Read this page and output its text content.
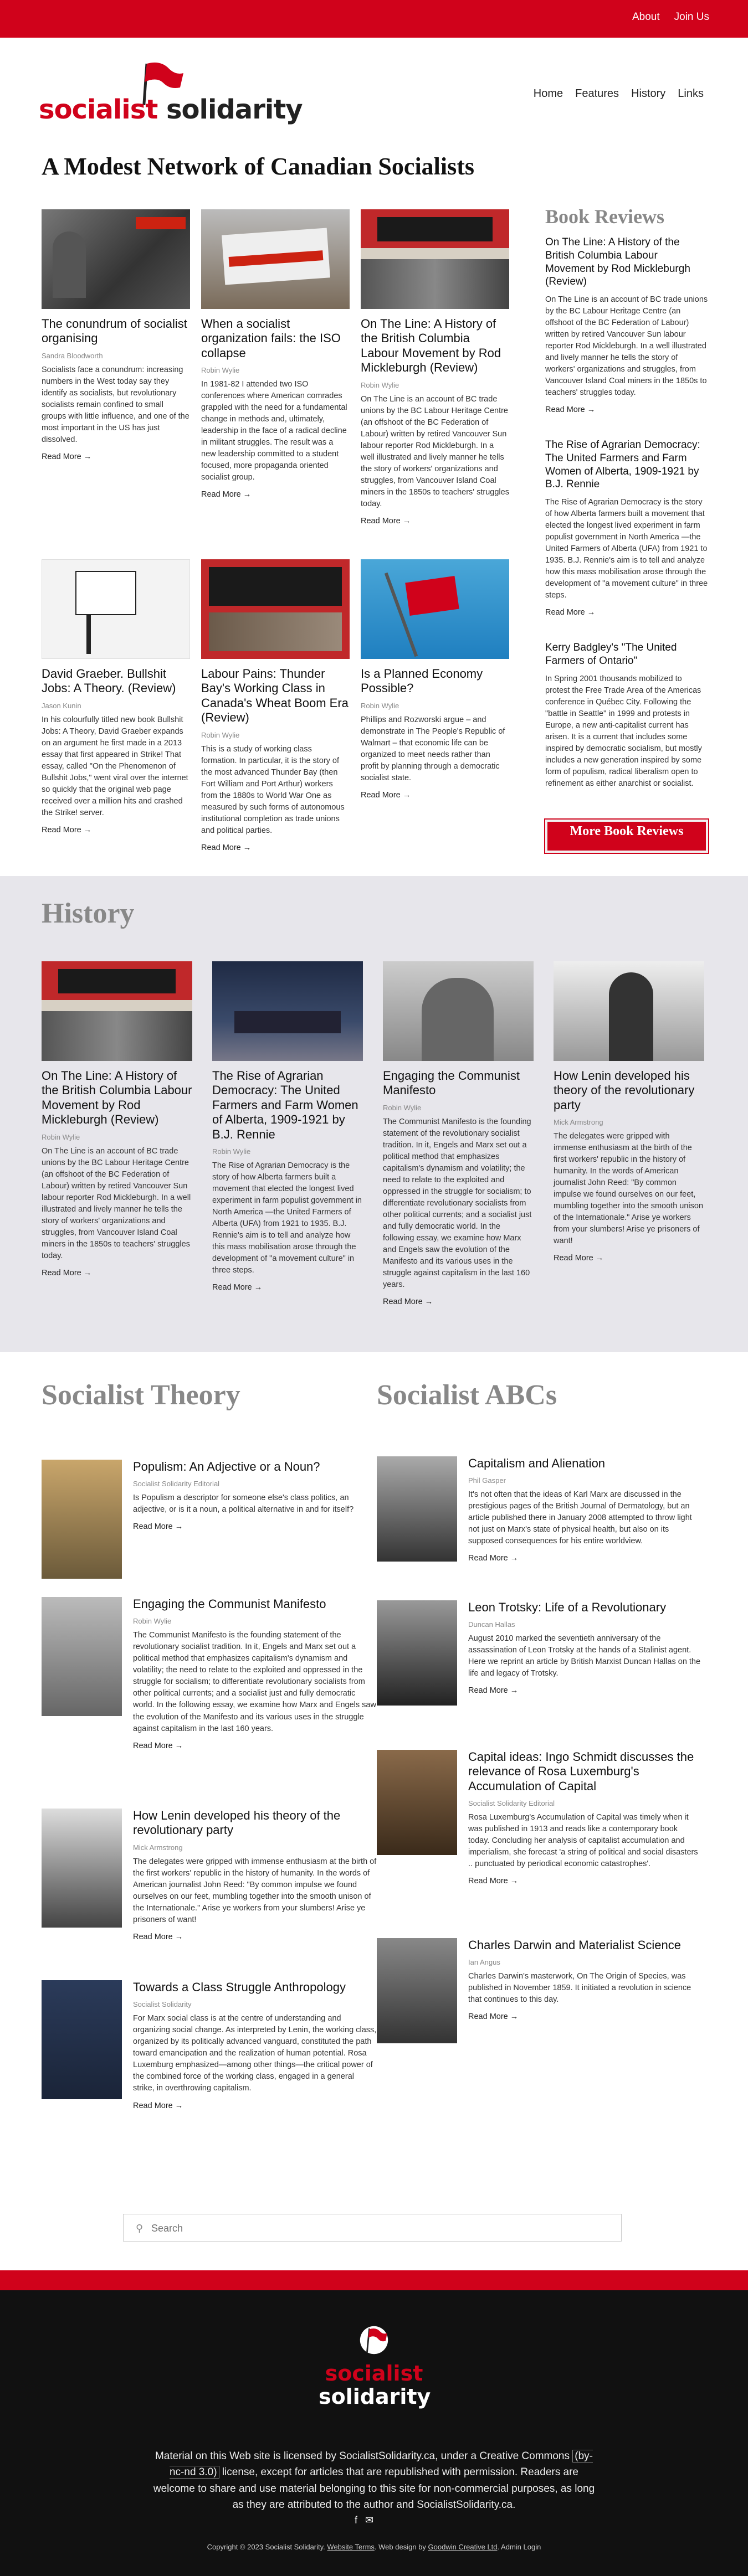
About Join Us
socialist solidarity
Home Features History Links
A Modest Network of Canadian Socialists
The conundrum of socialist organising
Sandra Bloodworth

Socialists face a conundrum: increasing numbers in the West today say they identify as socialists, but revolutionary socialists remain confined to small groups with little influence, and one of the most important in the US has just dissolved.

Read More →
When a socialist organization fails: the ISO collapse
Robin Wylie

In 1981-82 I attended two ISO conferences where American comrades grappled with the need for a fundamental change in methods and, ultimately, leadership in the face of a radical decline in militant struggles. The result was a new leadership committed to a student focused, more propaganda oriented socialist group.

Read More →
On The Line: A History of the British Columbia Labour Movement by Rod Mickleburgh (Review)
Robin Wylie

On The Line is an account of BC trade unions by the BC Labour Heritage Centre (an offshoot of the BC Federation of Labour) written by retired Vancouver Sun labour reporter Rod Mickleburgh. In a well illustrated and lively manner he tells the story of workers' organizations and struggles, from Vancouver Island Coal miners in the 1850s to teachers' struggles today.

Read More →
David Graeber. Bullshit Jobs: A Theory. (Review)
Jason Kunin

In his colourfully titled new book Bullshit Jobs: A Theory, David Graeber expands on an argument he first made in a 2013 essay that first appeared in Strike! That essay, called "On the Phenomenon of Bullshit Jobs," went viral over the internet so quickly that the original web page received over a million hits and crashed the Strike! server.

Read More →
Labour Pains: Thunder Bay's Working Class in Canada's Wheat Boom Era (Review)
Robin Wylie

This is a study of working class formation. In particular, it is the story of the most advanced Thunder Bay (then Fort William and Port Arthur) workers from the 1880s to World War One as measured by such forms of autonomous institutional completion as trade unions and political parties.

Read More →
Is a Planned Economy Possible?
Robin Wylie

Phillips and Rozworski argue – and demonstrate in The People's Republic of Walmart – that economic life can be organized to meet needs rather than profit by planning through a democratic socialist state.

Read More →
Book Reviews
On The Line: A History of the British Columbia Labour Movement by Rod Mickleburgh (Review)

On The Line is an account of BC trade unions by the BC Labour Heritage Centre (an offshoot of the BC Federation of Labour) written by retired Vancouver Sun labour reporter Rod Mickleburgh. In a well illustrated and lively manner he tells the story of workers' organizations and struggles, from Vancouver Island Coal miners in the 1850s to teachers' struggles today.

Read More →
The Rise of Agrarian Democracy: The United Farmers and Farm Women of Alberta, 1909-1921 by B.J. Rennie

The Rise of Agrarian Democracy is the story of how Alberta farmers built a movement that elected the longest lived experiment in farm populist government in North America —the United Farmers of Alberta (UFA) from 1921 to 1935. B.J. Rennie's aim is to tell and analyze how this mass mobilisation arose through the development of "a movement culture" in three steps.

Read More →
Kerry Badgley's "The United Farmers of Ontario"

In Spring 2001 thousands mobilized to protest the Free Trade Area of the Americas conference in Québec City. Following the "battle in Seattle" in 1999 and protests in Europe, a new anti-capitalist current has arisen. It is a current that includes some inspired by democratic socialism, but mostly includes a new generation inspired by some form of populism, radical liberalism open to refinement as either anarchist or socialist.

More Book Reviews
History
On The Line: A History of the British Columbia Labour Movement by Rod Mickleburgh (Review)
Robin Wylie

On The Line is an account of BC trade unions by the BC Labour Heritage Centre (an offshoot of the BC Federation of Labour) written by retired Vancouver Sun labour reporter Rod Mickleburgh. In a well illustrated and lively manner he tells the story of workers' organizations and struggles, from Vancouver Island Coal miners in the 1850s to teachers' struggles today.

Read More →
The Rise of Agrarian Democracy: The United Farmers and Farm Women of Alberta, 1909-1921 by B.J. Rennie
Robin Wylie

The Rise of Agrarian Democracy is the story of how Alberta farmers built a movement that elected the longest lived experiment in farm populist government in North America —the United Farmers of Alberta (UFA) from 1921 to 1935. B.J. Rennie's aim is to tell and analyze how this mass mobilisation arose through the development of "a movement culture" in three steps.

Read More →
Engaging the Communist Manifesto
Robin Wylie

The Communist Manifesto is the founding statement of the revolutionary socialist tradition. In it, Engels and Marx set out a political method that emphasizes capitalism's dynamism and volatility; the need to relate to the exploited and oppressed in the struggle for socialism; to differentiate revolutionary socialists from other political currents; and a socialist just and fully democratic world. In the following essay, we examine how Marx and Engels saw the evolution of the Manifesto and its various uses in the struggle against capitalism in the last 160 years.

Read More →
How Lenin developed his theory of the revolutionary party
Mick Armstrong

The delegates were gripped with immense enthusiasm at the birth of the first workers' republic in the history of humanity. In the words of American journalist John Reed: "By common impulse we found ourselves on our feet, mumbling together into the smooth unison of the Internationale." Arise ye workers from your slumbers! Arise ye prisoners of want!

Read More →
Socialist Theory
Populism: An Adjective or a Noun?
Socialist Solidarity Editorial

Is Populism a descriptor for someone else's class politics, an adjective, or is it a noun, a political alternative in and for itself?

Read More →
Engaging the Communist Manifesto
Robin Wylie

The Communist Manifesto is the founding statement of the revolutionary socialist tradition. In it, Engels and Marx set out a political method that emphasizes capitalism's dynamism and volatility; the need to relate to the exploited and oppressed in the struggle for socialism; to differentiate revolutionary socialists from other political currents; and a socialist just and fully democratic world. In the following essay, we examine how Marx and Engels saw the evolution of the Manifesto and its various uses in the struggle against capitalism in the last 160 years.

Read More →
How Lenin developed his theory of the revolutionary party
Mick Armstrong

The delegates were gripped with immense enthusiasm at the birth of the first workers' republic in the history of humanity. In the words of American journalist John Reed: "By common impulse we found ourselves on our feet, mumbling together into the smooth unison of the Internationale." Arise ye workers from your slumbers! Arise ye prisoners of want!

Read More →
Towards a Class Struggle Anthropology
Socialist Solidarity

For Marx social class is at the centre of understanding and organizing social change. As interpreted by Lenin, the working class, organized by its politically advanced vanguard, constituted the path toward emancipation and the realization of human potential. Rosa Luxemburg emphasized—among other things—the critical power of the combined force of the working class, engaged in a general strike, in overthrowing capitalism.

Read More →
Socialist ABCs
Capitalism and Alienation
Phil Gasper

It's not often that the ideas of Karl Marx are discussed in the prestigious pages of the British Journal of Dermatology, but an article published there in January 2008 attempted to throw light not just on Marx's state of physical health, but also on its supposed consequences for his entire worldview.

Read More →
Leon Trotsky: Life of a Revolutionary
Duncan Hallas

August 2010 marked the seventieth anniversary of the assassination of Leon Trotsky at the hands of a Stalinist agent. Here we reprint an article by British Marxist Duncan Hallas on the life and legacy of Trotsky.

Read More →
Capital ideas: Ingo Schmidt discusses the relevance of Rosa Luxemburg's Accumulation of Capital
Socialist Solidarity Editorial

Rosa Luxemburg's Accumulation of Capital was timely when it was published in 1913 and reads like a contemporary book today. Concluding her analysis of capitalist accumulation and imperialism, she forecast 'a string of political and social disasters .. punctuated by periodical economic catastrophes'.

Read More →
Charles Darwin and Materialist Science
Ian Angus

Charles Darwin's masterwork, On The Origin of Species, was published in November 1859. It initiated a revolution in science that continues to this day.

Read More →
⚲
Search
socialist
solidarity
Material on this Web site is licensed by SocialistSolidarity.ca, under a Creative Commons (by-nc-nd 3.0) license, except for articles that are republished with permission. Readers are welcome to share and use material belonging to this site for non-commercial purposes, as long as they are attributed to the author and SocialistSolidarity.ca.
f ✉
Copyright © 2023 Socialist Solidarity. Website Terms. Web design by Goodwin Creative Ltd. Admin Login
